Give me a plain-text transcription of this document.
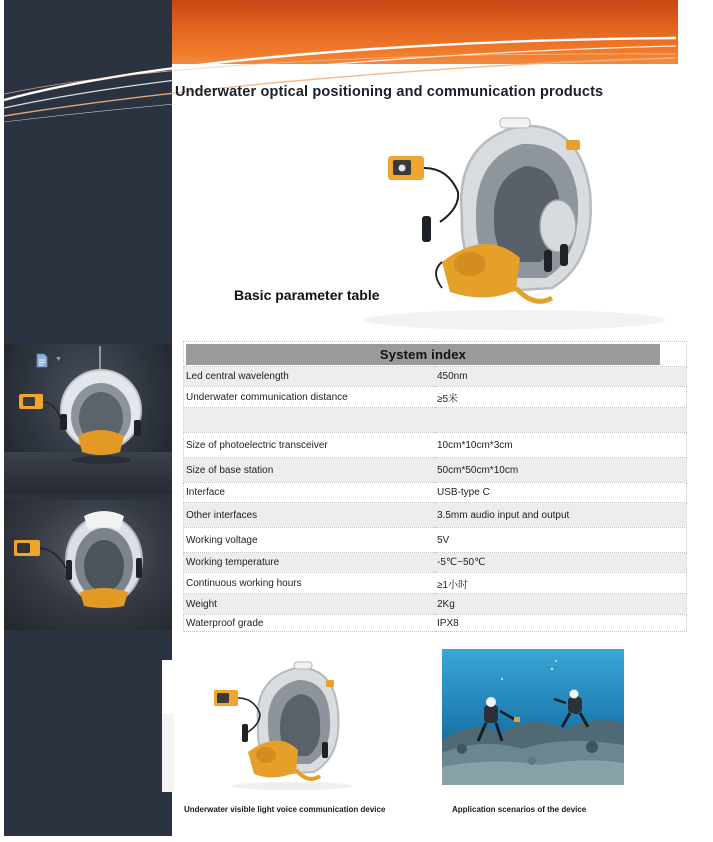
▼
Underwater optical positioning and communication products
Basic parameter table
System index	

Led central wavelength	450nm
Underwater communication distance	≥5米

Size of photoelectric transceiver	10cm*10cm*3cm
Size of base station	50cm*50cm*10cm
Interface	USB-type C
Other interfaces	3.5mm audio input and output
Working voltage	5V
Working temperature	-5℃~50℃
Continuous working hours	≥1小时
Weight	2Kg
Waterproof grade	IPX8
Underwater visible light voice communication device	Application scenarios of the device
